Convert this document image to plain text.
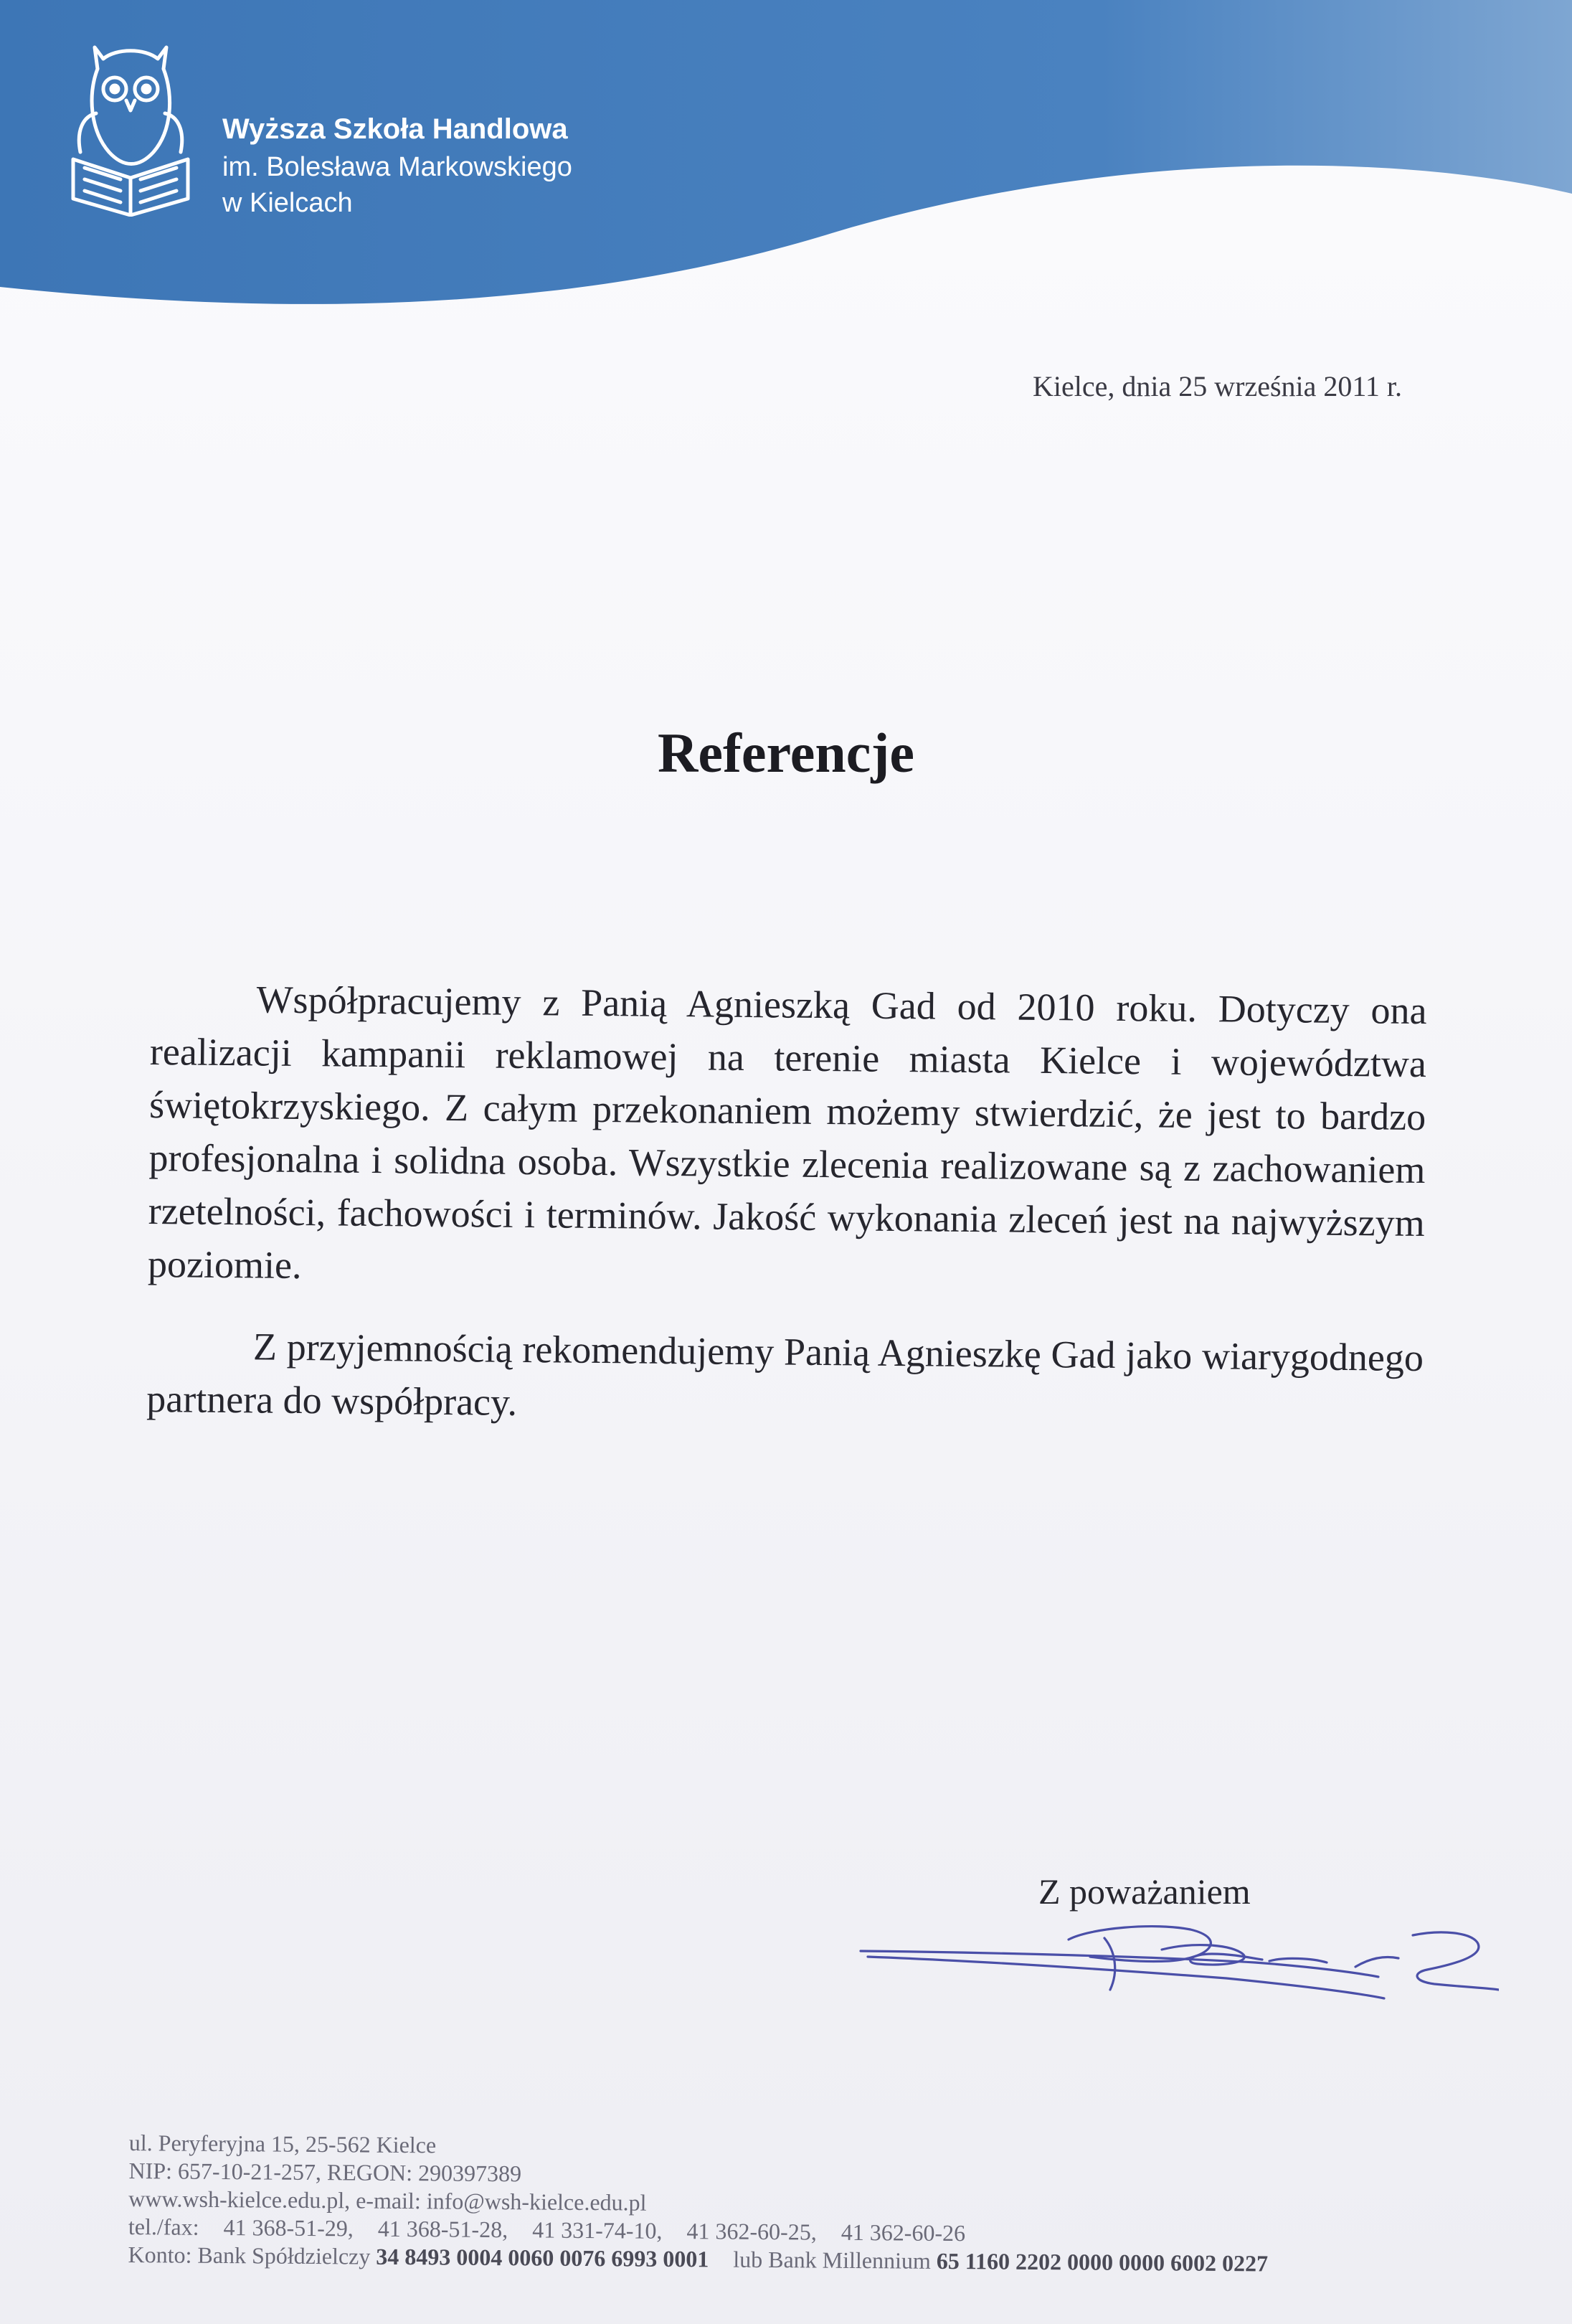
Wyższa Szkoła Handlowa
im. Bolesława Markowskiego
w Kielcach
Kielce, dnia 25 września 2011 r.
Referencje

Współpracujemy z Panią Agnieszką Gad od 2010 roku. Dotyczy ona realizacji kampanii reklamowej na terenie miasta Kielce i województwa świętokrzyskiego. Z całym przekonaniem możemy stwierdzić, że jest to bardzo profesjonalna i solidna osoba. Wszystkie zlecenia realizowane są z zachowaniem rzetelności, fachowości i terminów. Jakość wykonania zleceń jest na najwyższym poziomie.

Z przyjemnością rekomendujemy Panią Agnieszkę Gad jako wiarygodnego partnera do współpracy.

Z poważaniem
ul. Peryferyjna 15, 25-562 Kielce
NIP: 657-10-21-257, REGON: 290397389
www.wsh-kielce.edu.pl, e-mail: info@wsh-kielce.edu.pl
tel./fax: 41 368-51-29, 41 368-51-28, 41 331-74-10, 41 362-60-25, 41 362-60-26
Konto: Bank Spółdzielczy 34 8493 0004 0060 0076 6993 0001 lub Bank Millennium 65 1160 2202 0000 0000 6002 0227
